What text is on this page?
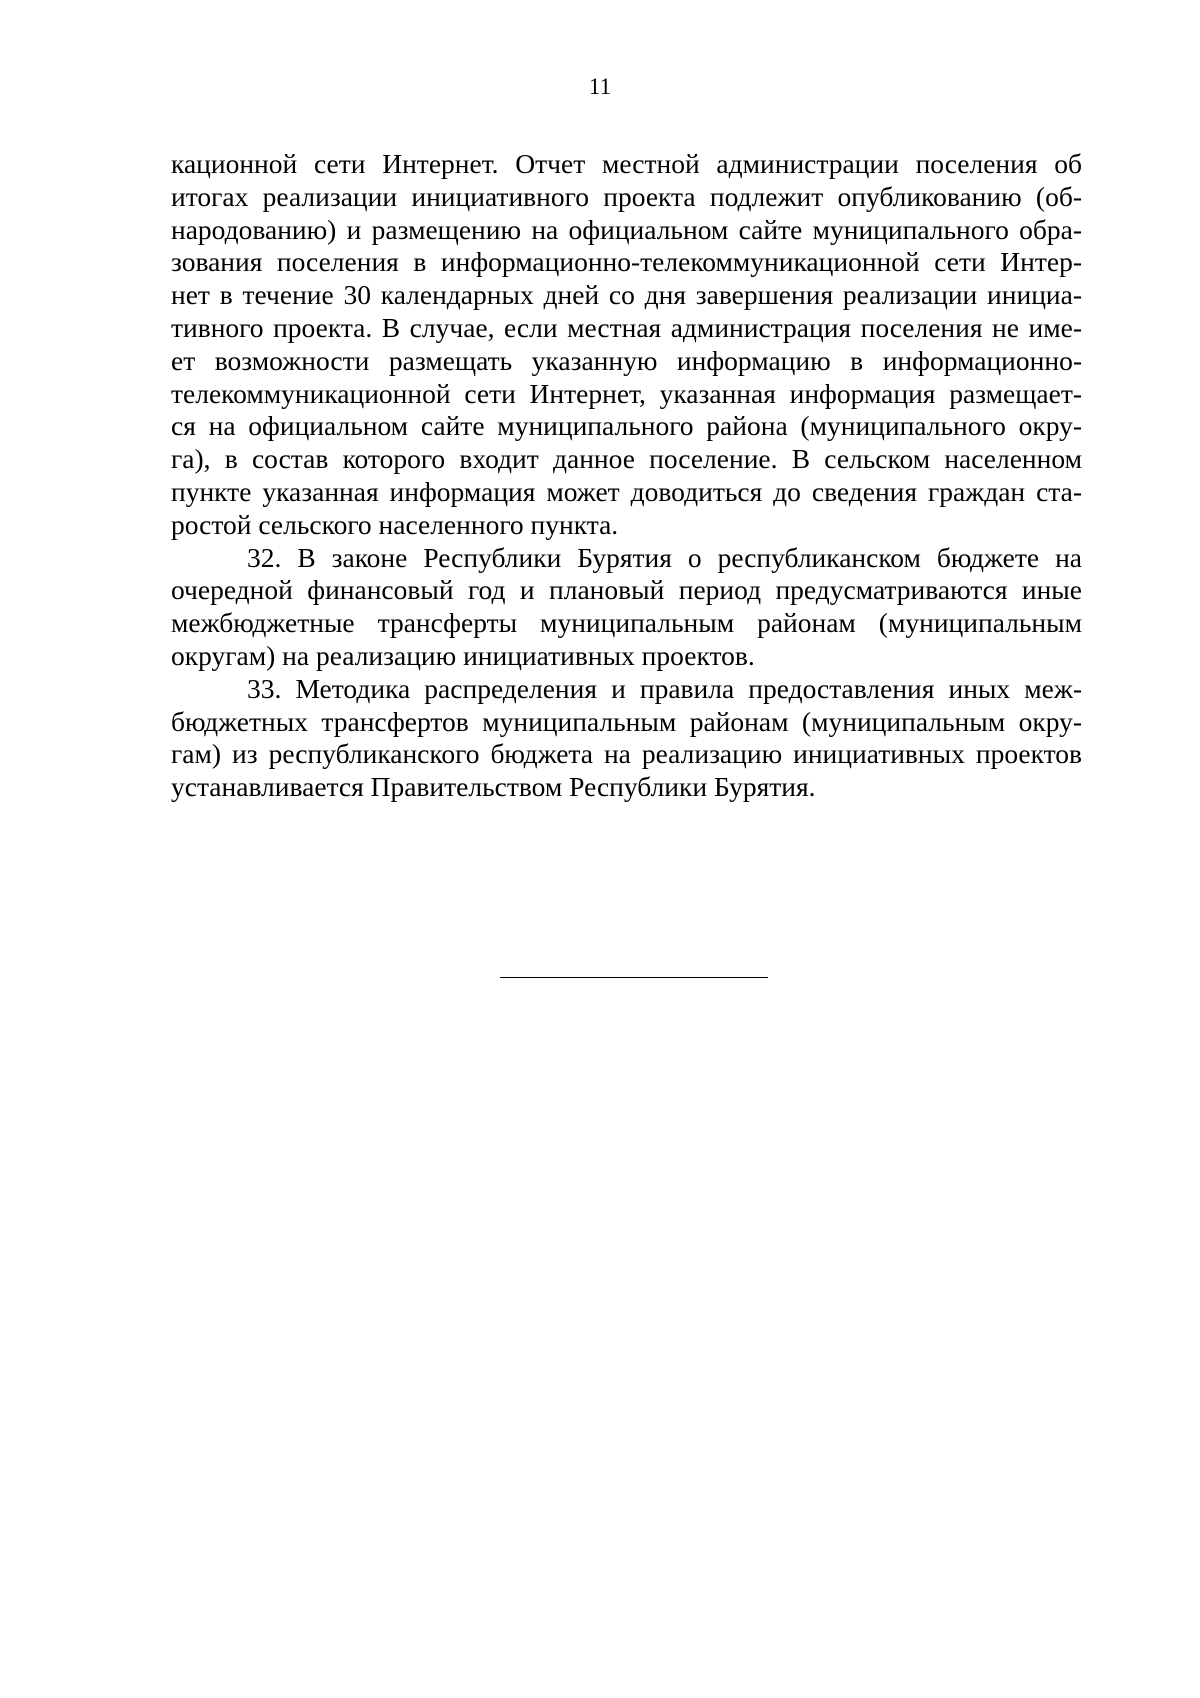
11
кационной сети Интернет. Отчет местной администрации поселения об
итогах реализации инициативного проекта подлежит опубликованию (об-
народованию) и размещению на официальном сайте муниципального обра-
зования поселения в информационно-телекоммуникационной сети Интер-
нет в течение 30 календарных дней со дня завершения реализации инициа-
тивного проекта. В случае, если местная администрация поселения не име-
ет возможности размещать указанную информацию в информационно-
телекоммуникационной сети Интернет, указанная информация размещает-
ся на официальном сайте муниципального района (муниципального окру-
га), в состав которого входит данное поселение. В сельском населенном
пункте указанная информация может доводиться до сведения граждан ста-
ростой сельского населенного пункта.
32. В законе Республики Бурятия о республиканском бюджете на
очередной финансовый год и плановый период предусматриваются иные
межбюджетные трансферты муниципальным районам (муниципальным
округам) на реализацию инициативных проектов.
33. Методика распределения и правила предоставления иных меж-
бюджетных трансфертов муниципальным районам (муниципальным окру-
гам) из республиканского бюджета на реализацию инициативных проектов
устанавливается Правительством Республики Бурятия.
